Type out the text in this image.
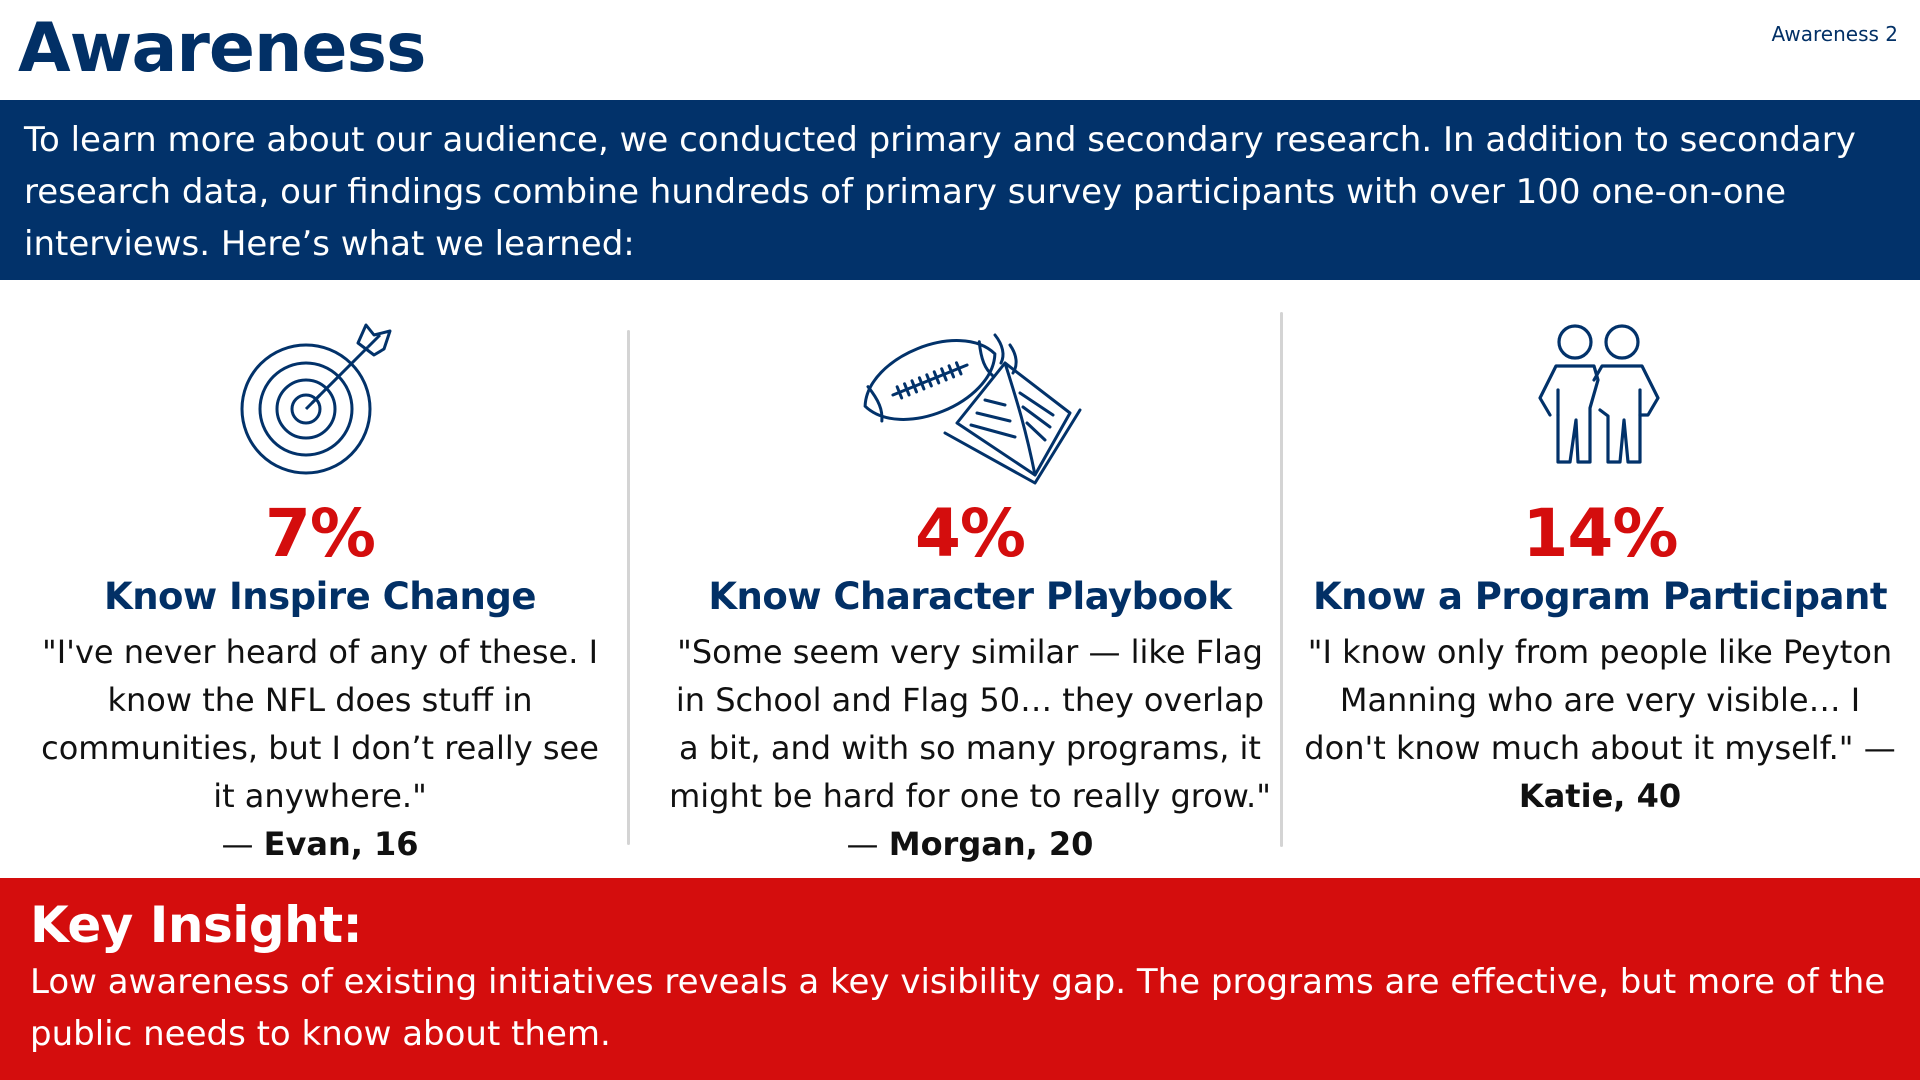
Awareness	Awareness 2

To learn more about our audience, we conducted primary and secondary research. In addition to secondary research data, our findings combine hundreds of primary survey participants with over 100 one-on-one interviews. Here’s what we learned:

7%
Know Inspire Change
"I've never heard of any of these. I know the NFL does stuff in communities, but I don’t really see it anywhere."
— Evan, 16
4%
Know Character Playbook
"Some seem very similar — like Flag in School and Flag 50… they overlap a bit, and with so many programs, it might be hard for one to really grow." — Morgan, 20
14%
Know a Program Participant
"I know only from people like Peyton Manning who are very visible… I don't know much about it myself." — Katie, 40
Key Insight:

Low awareness of existing initiatives reveals a key visibility gap. The programs are effective, but more of the public needs to know about them.
